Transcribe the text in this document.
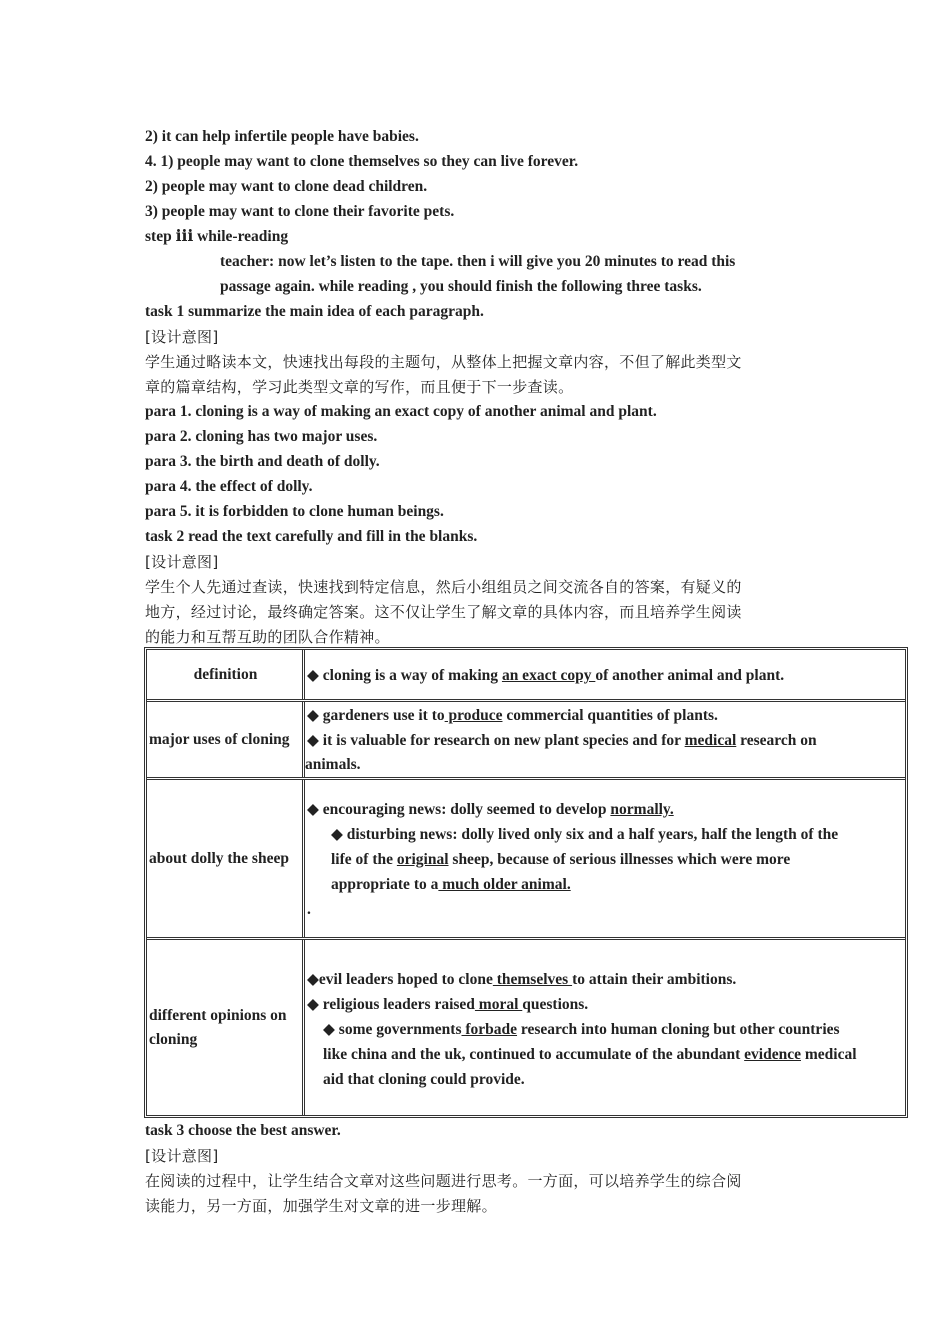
2) it can help infertile people have babies.
4. 1) people may want to clone themselves so they can live forever.
2) people may want to clone dead children.
3) people may want to clone their favorite pets.
step ⅲ while-reading
teacher: now let’s listen to the tape. then i will give you 20 minutes to read this
passage again. while reading , you should finish the following three tasks.
task 1 summarize the main idea of each paragraph.
[设计意图]
学生通过略读本文，快速找出每段的主题句，从整体上把握文章内容，不但了解此类型文
章的篇章结构，学习此类型文章的写作，而且便于下一步查读。
para 1. cloning is a way of making an exact copy of another animal and plant.
para 2. cloning has two major uses.
para 3. the birth and death of dolly.
para 4. the effect of dolly.
para 5. it is forbidden to clone human beings.
task 2 read the text carefully and fill in the blanks.
[设计意图]
学生个人先通过查读，快速找到特定信息，然后小组组员之间交流各自的答案，有疑义的
地方，经过讨论，最终确定答案。这不仅让学生了解文章的具体内容，而且培养学生阅读
的能力和互帮互助的团队合作精神。
definition	◆ cloning is a way of making an exact copy of another animal and plant.
major uses of cloning
◆ gardeners use it to produce commercial quantities of plants.
◆ it is valuable for research on new plant species and for medical research on
animals.
about dolly the sheep
◆ encouraging news: dolly seemed to develop normally.
◆ disturbing news: dolly lived only six and a half years, half the length of the
life of the original sheep, because of serious illnesses which were more
appropriate to a much older animal.
.
different opinions on cloning
◆evil leaders hoped to clone themselves to attain their ambitions.
◆ religious leaders raised moral questions.
◆ some governments forbade research into human cloning but other countries
like china and the uk, continued to accumulate of the abundant evidence medical
aid that cloning could provide.
task 3 choose the best answer.
[设计意图]
在阅读的过程中，让学生结合文章对这些问题进行思考。一方面，可以培养学生的综合阅
读能力，另一方面，加强学生对文章的进一步理解。
